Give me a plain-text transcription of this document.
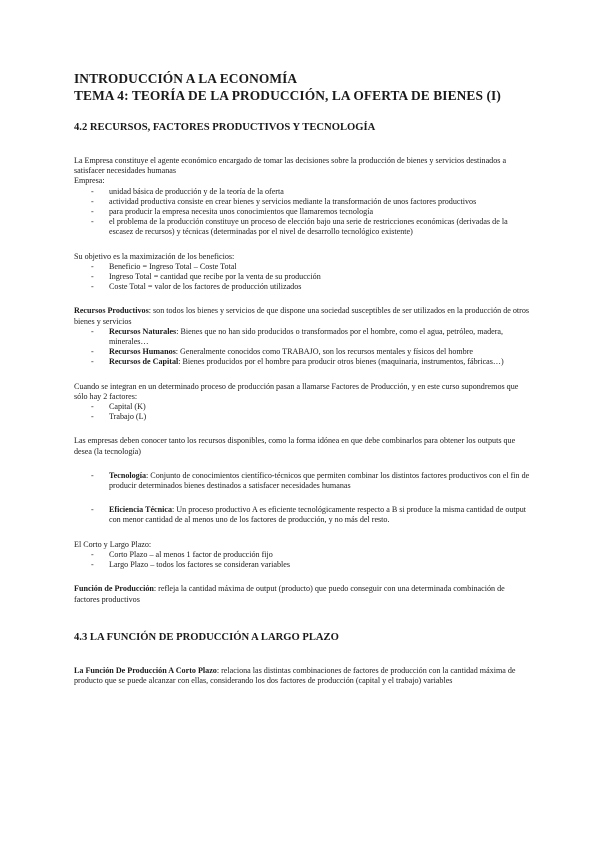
INTRODUCCIÓN A LA ECONOMÍA
TEMA 4: TEORÍA DE LA PRODUCCIÓN, LA OFERTA DE BIENES (I)
4.2 RECURSOS, FACTORES PRODUCTIVOS Y TECNOLOGÍA

La Empresa constituye el agente económico encargado de tomar las decisiones sobre la producción de bienes y servicios destinados a satisfacer necesidades humanas

Empresa:

- unidad básica de producción y de la teoría de la oferta
- actividad productiva consiste en crear bienes y servicios mediante la transformación de unos factores productivos
- para producir la empresa necesita unos conocimientos que llamaremos tecnología
- el problema de la producción constituye un proceso de elección bajo una serie de restricciones económicas (derivadas de la escasez de recursos) y técnicas (determinadas por el nivel de desarrollo tecnológico existente)

Su objetivo es la maximización de los beneficios:

- Beneficio = Ingreso Total – Coste Total
- Ingreso Total = cantidad que recibe por la venta de su producción
- Coste Total = valor de los factores de producción utilizados

Recursos Productivos: son todos los bienes y servicios de que dispone una sociedad susceptibles de ser utilizados en la producción de otros bienes y servicios

- Recursos Naturales: Bienes que no han sido producidos o transformados por el hombre, como el agua, petróleo, madera, minerales…
- Recursos Humanos: Generalmente conocidos como TRABAJO, son los recursos mentales y físicos del hombre
- Recursos de Capital: Bienes producidos por el hombre para producir otros bienes (maquinaria, instrumentos, fábricas…)

Cuando se integran en un determinado proceso de producción pasan a llamarse Factores de Producción, y en este curso supondremos que sólo hay 2 factores:

- Capital (K)
- Trabajo (L)

Las empresas deben conocer tanto los recursos disponibles, como la forma idónea en que debe combinarlos para obtener los outputs que desea (la tecnología)

- Tecnología: Conjunto de conocimientos científico-técnicos que permiten combinar los distintos factores productivos con el fin de producir determinados bienes destinados a satisfacer necesidades humanas
- Eficiencia Técnica: Un proceso productivo A es eficiente tecnológicamente respecto a B si produce la misma cantidad de output con menor cantidad de al menos uno de los factores de producción, y no más del resto.

El Corto y Largo Plazo:

- Corto Plazo – al menos 1 factor de producción fijo
- Largo Plazo – todos los factores se consideran variables

Función de Producción: refleja la cantidad máxima de output (producto) que puedo conseguir con una determinada combinación de factores productivos

4.3 LA FUNCIÓN DE PRODUCCIÓN A LARGO PLAZO

La Función De Producción A Corto Plazo: relaciona las distintas combinaciones de factores de producción con la cantidad máxima de producto que se puede alcanzar con ellas, considerando los dos factores de producción (capital y el trabajo) variables
